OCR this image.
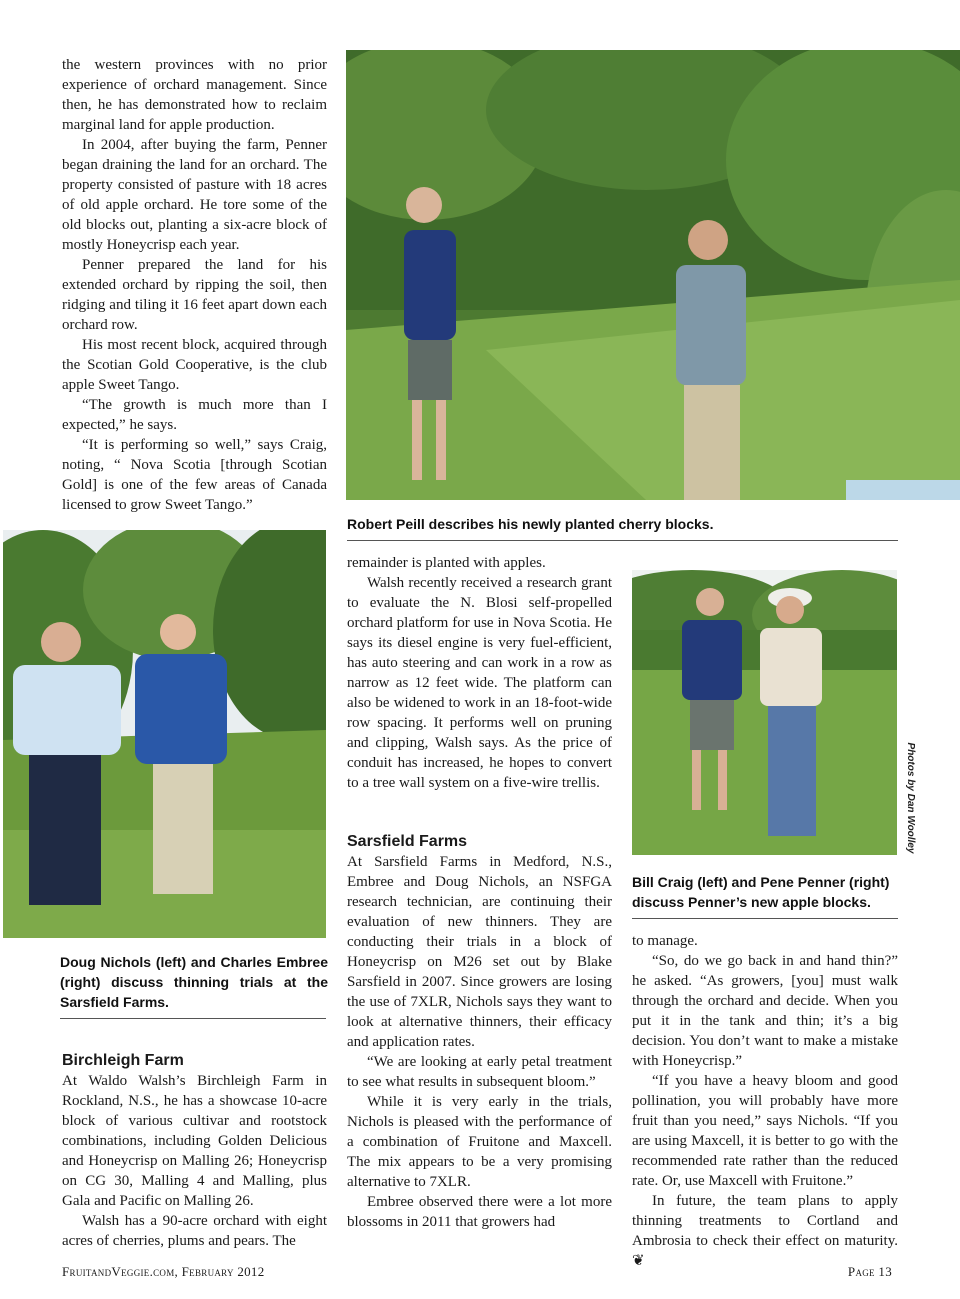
the western provinces with no prior experience of orchard management. Since then, he has demonstrated how to reclaim marginal land for apple production.

In 2004, after buying the farm, Penner began draining the land for an orchard. The property consisted of pasture with 18 acres of old apple orchard. He tore some of the old blocks out, planting a six-acre block of mostly Honeycrisp each year.

Penner prepared the land for his extended orchard by ripping the soil, then ridging and tiling it 16 feet apart down each orchard row.

His most recent block, acquired through the Scotian Gold Cooperative, is the club apple Sweet Tango.

“The growth is much more than I expected,” he says.

“It is performing so well,” says Craig, noting, “ Nova Scotia [through Scotian Gold] is one of the few areas of Canada licensed to grow Sweet Tango.”

Robert Peill describes his newly planted cherry blocks.
Doug Nichols (left) and Charles Embree (right) discuss thinning trials at the Sarsfield Farms.
Birchleigh Farm

At Waldo Walsh’s Birchleigh Farm in Rockland, N.S., he has a showcase 10-acre block of various cultivar and rootstock combinations, including Golden Delicious and Honeycrisp on Malling 26; Honeycrisp on CG 30, Malling 4 and Malling, plus Gala and Pacific on Malling 26.

Walsh has a 90-acre orchard with eight acres of cherries, plums and pears. The

remainder is planted with apples.

Walsh recently received a research grant to evaluate the N. Blosi self-propelled orchard platform for use in Nova Scotia. He says its diesel engine is very fuel-efficient, has auto steering and can work in a row as narrow as 12 feet wide. The platform can also be widened to work in an 18-foot-wide row spacing. It performs well on pruning and clipping, Walsh says. As the price of conduit has increased, he hopes to convert to a tree wall system on a five-wire trellis.

Sarsfield Farms

At Sarsfield Farms in Medford, N.S., Embree and Doug Nichols, an NSFGA research technician, are continuing their evaluation of new thinners. They are conducting their trials in a block of Honeycrisp on M26 set out by Blake Sarsfield in 2007. Since growers are losing the use of 7XLR, Nichols says they want to look at alternative thinners, their efficacy and application rates.

“We are looking at early petal treatment to see what results in subsequent bloom.”

While it is very early in the trials, Nichols is pleased with the performance of a combination of Fruitone and Maxcell. The mix appears to be a very promising alternative to 7XLR.

Embree observed there were a lot more blossoms in 2011 that growers had

Photos by Dan Woolley
Bill Craig (left) and Pene Penner (right) discuss Penner’s new apple blocks.

to manage.

“So, do we go back in and hand thin?” he asked. “As growers, [you] must walk through the orchard and decide. When you put it in the tank and thin; it’s a big decision. You don’t want to make a mistake with Honeycrisp.”

“If you have a heavy bloom and good pollination, you will probably have more fruit than you need,” says Nichols. “If you are using Maxcell, it is better to go with the recommended rate rather than the reduced rate. Or, use Maxcell with Fruitone.”

In future, the team plans to apply thinning treatments to Cortland and Ambrosia to check their effect on maturity. ❦

FruitandVeggie.com, February 2012	Page 13
